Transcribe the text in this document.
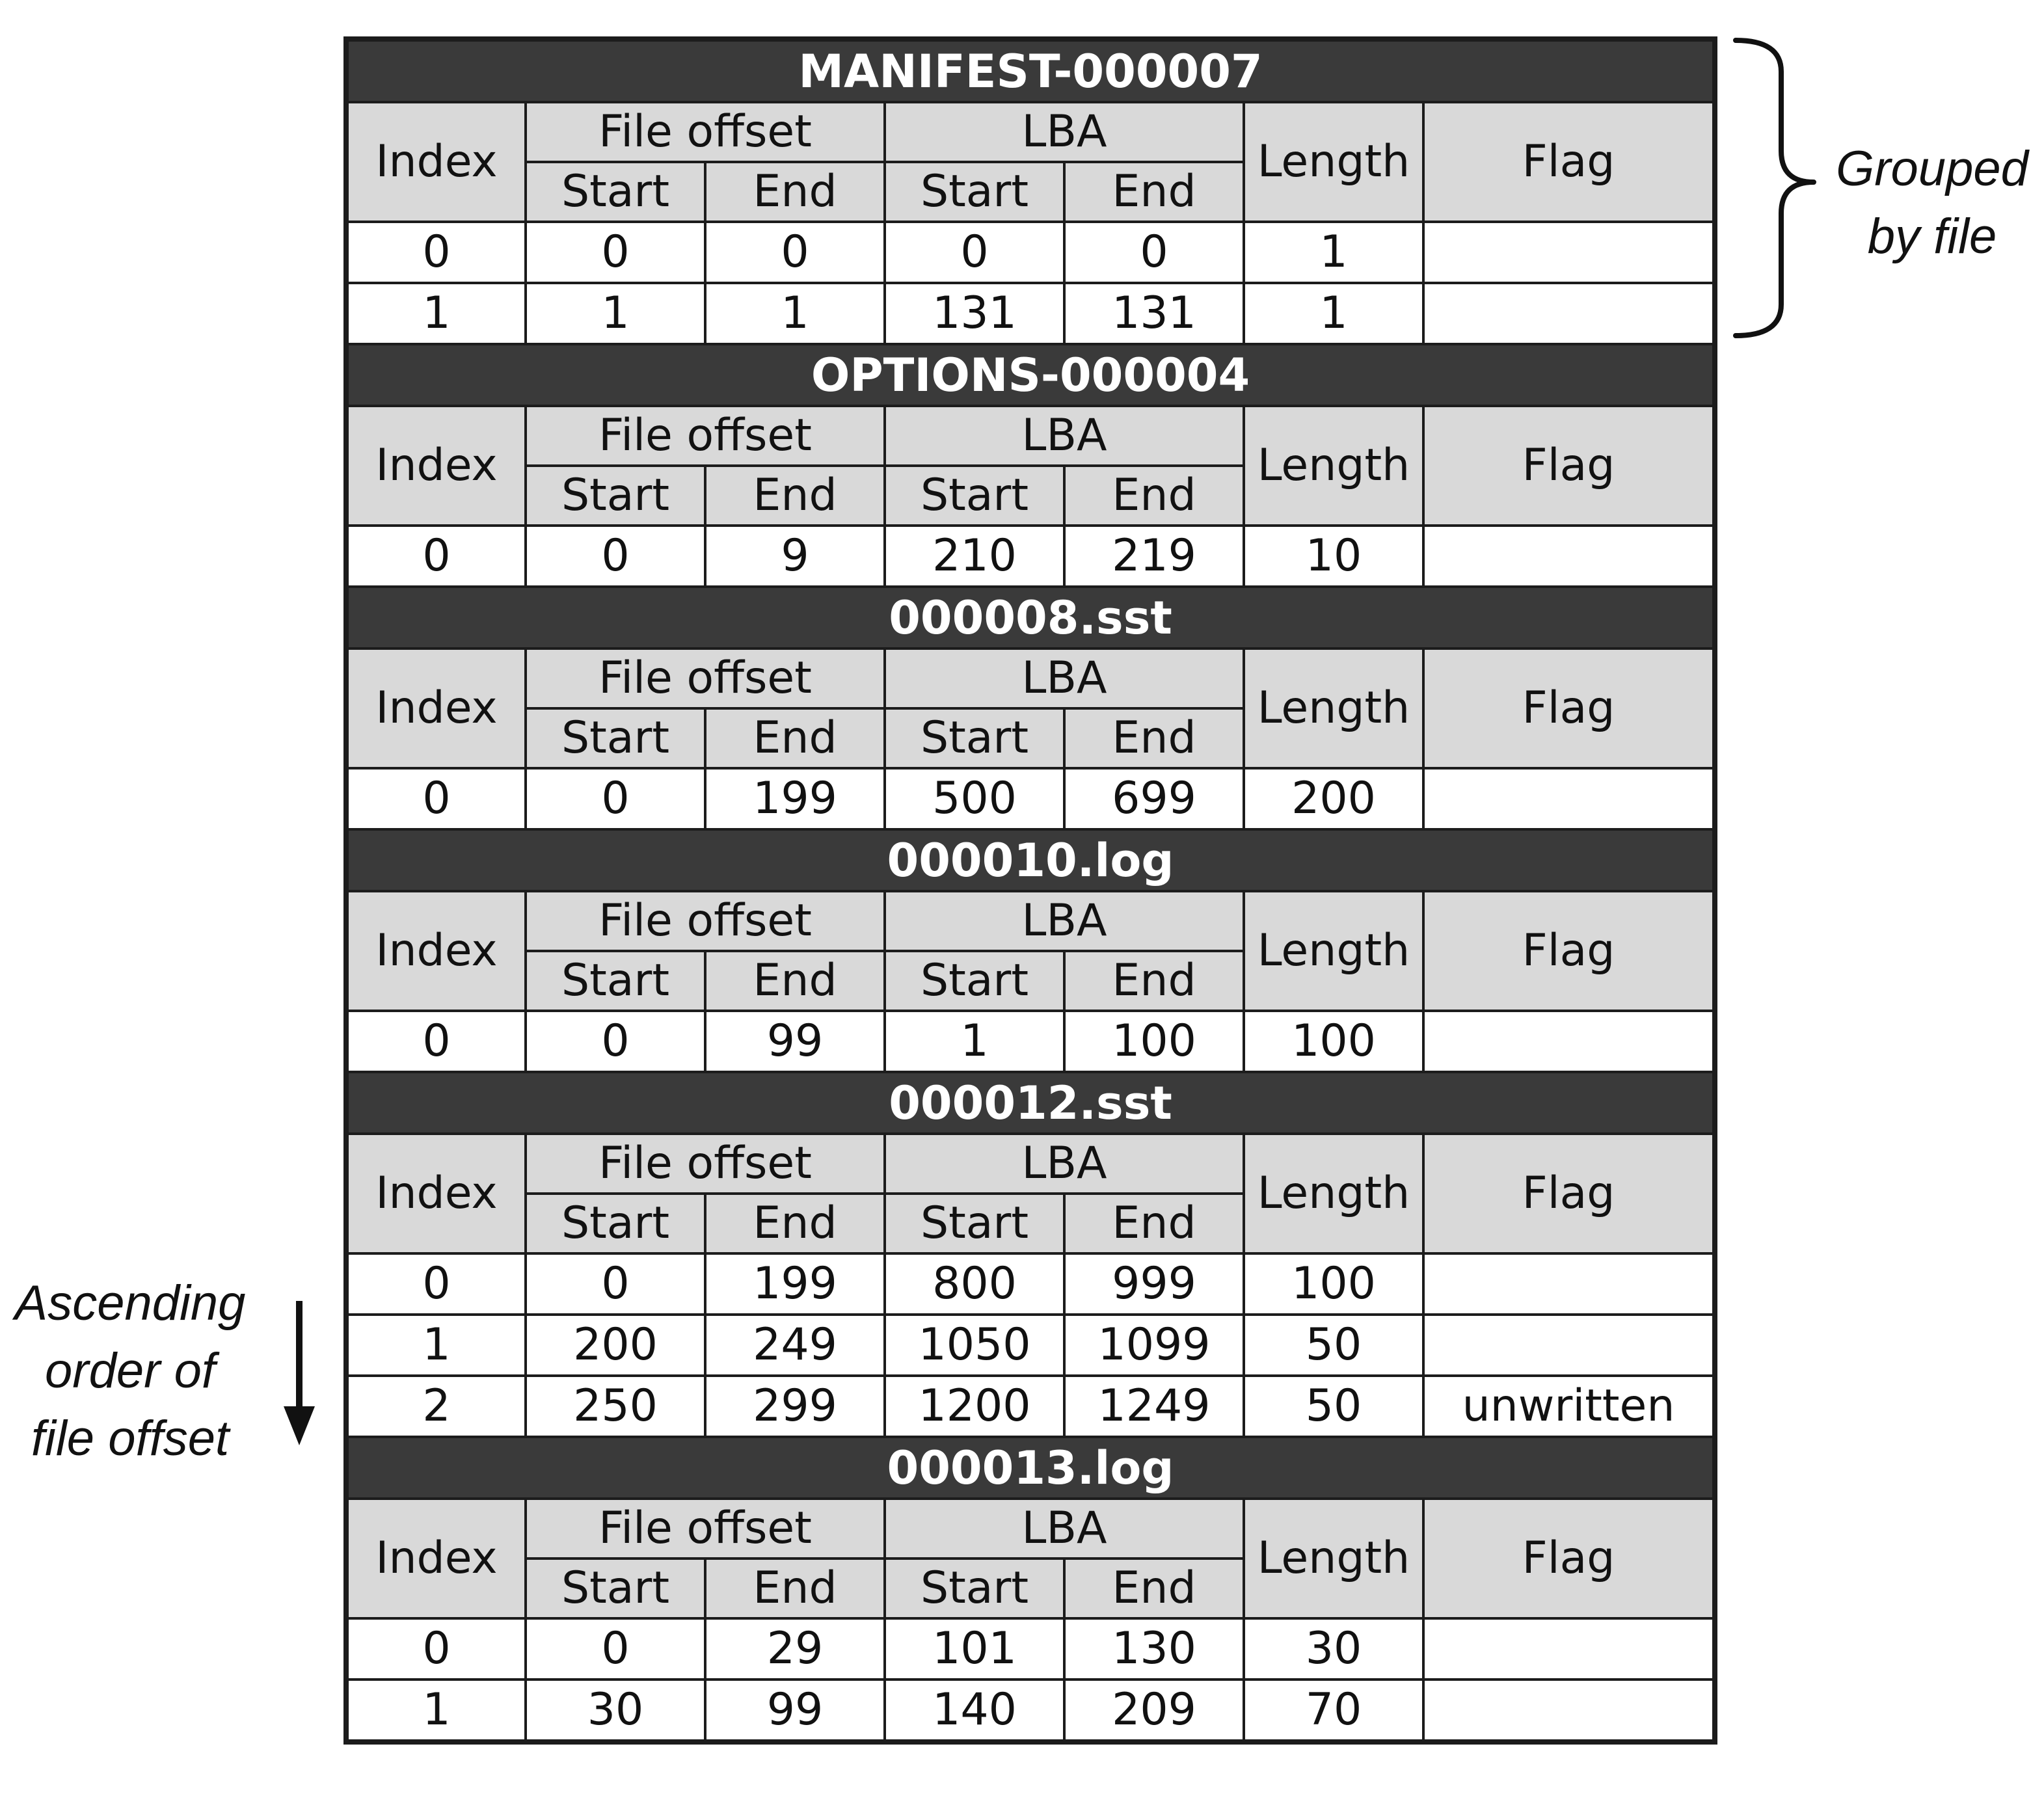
MANIFEST-000007						
Index	File offset		LBA		Length	Flag
	Start	End	Start	End		
0	0	0	0	0	1	
1	1	1	131	131	1	
OPTIONS-000004						
Index	File offset		LBA		Length	Flag
	Start	End	Start	End		
0	0	9	210	219	10	
000008.sst						
Index	File offset		LBA		Length	Flag
	Start	End	Start	End		
0	0	199	500	699	200	
000010.log						
Index	File offset		LBA		Length	Flag
	Start	End	Start	End		
0	0	99	1	100	100	
000012.sst						
Index	File offset		LBA		Length	Flag
	Start	End	Start	End		
0	0	199	800	999	100	
1	200	249	1050	1099	50	
2	250	299	1200	1249	50	unwritten
000013.log						
Index	File offset		LBA		Length	Flag
	Start	End	Start	End		
0	0	29	101	130	30	
1	30	99	140	209	70	
Grouped
by file
Ascending
order of
file offset
